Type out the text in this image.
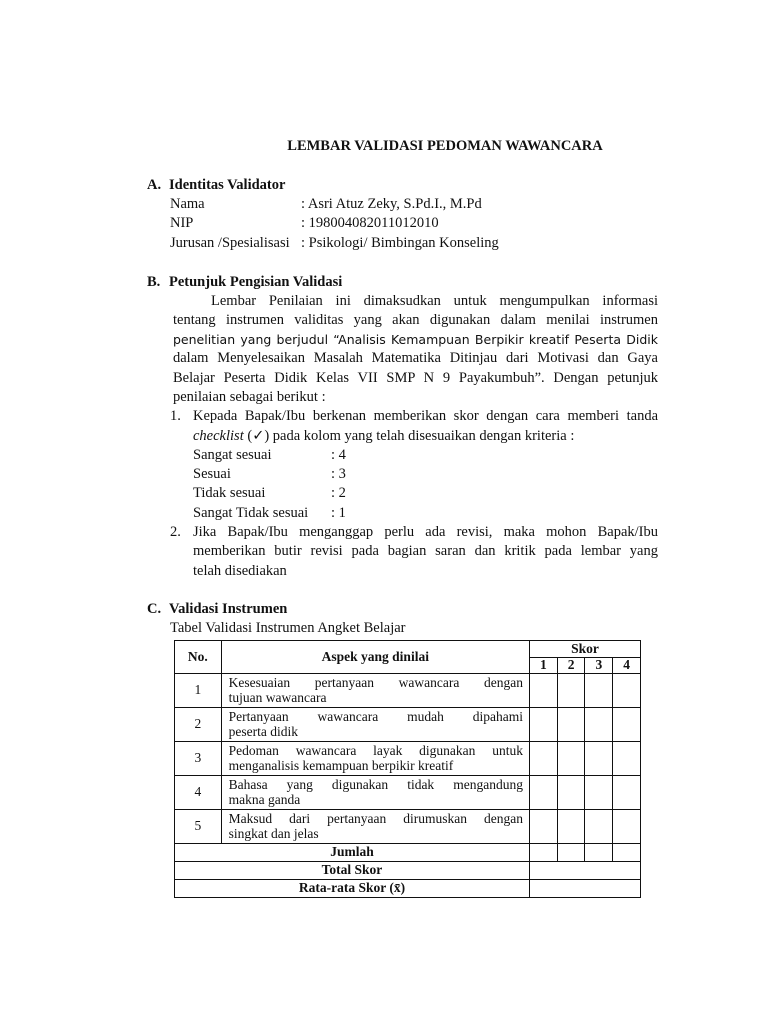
LEMBAR VALIDASI PEDOMAN WAWANCARA
A. Identitas Validator
Nama	: Asri Atuz Zeky, S.Pd.I., M.Pd
NIP	: 198004082011012010
Jurusan /Spesialisasi : Psikologi/ Bimbingan Konseling
B. Petunjuk Pengisian Validasi
Lembar Penilaian ini dimaksudkan untuk mengumpulkan informasi
tentang instrumen validitas yang akan digunakan dalam menilai instrumen
penelitian yang berjudul “Analisis Kemampuan Berpikir kreatif Peserta Didik
dalam Menyelesaikan Masalah Matematika Ditinjau dari Motivasi dan Gaya
Belajar Peserta Didik Kelas VII SMP N 9 Payakumbuh”. Dengan petunjuk
penilaian sebagai berikut :
1. Kepada Bapak/Ibu berkenan memberikan skor dengan cara memberi tanda
checklist (✓) pada kolom yang telah disesuaikan dengan kriteria :
Sangat sesuai	: 4
Sesuai	: 3
Tidak sesuai	: 2
Sangat Tidak sesuai : 1
2. Jika Bapak/Ibu menganggap perlu ada revisi, maka mohon Bapak/Ibu
memberikan butir revisi pada bagian saran dan kritik pada lembar yang
telah disediakan
C. Validasi Instrumen
Tabel Validasi Instrumen Angket Belajar
No.	Aspek yang dinilai	Skor			
		1	2	3	4
1	Kesesuaian pertanyaan wawancara dengan
tujuan wawancara				

2	Pertanyaan wawancara mudah dipahami
peserta didik				

3	Pedoman wawancara layak digunakan untuk
menganalisis kemampuan berpikir kreatif				

4	Bahasa yang digunakan tidak mengandung
makna ganda				

5	Maksud dari pertanyaan dirumuskan dengan
singkat dan jelas				

Jumlah					
Total Skor					
Rata-rata Skor (x̄)					
